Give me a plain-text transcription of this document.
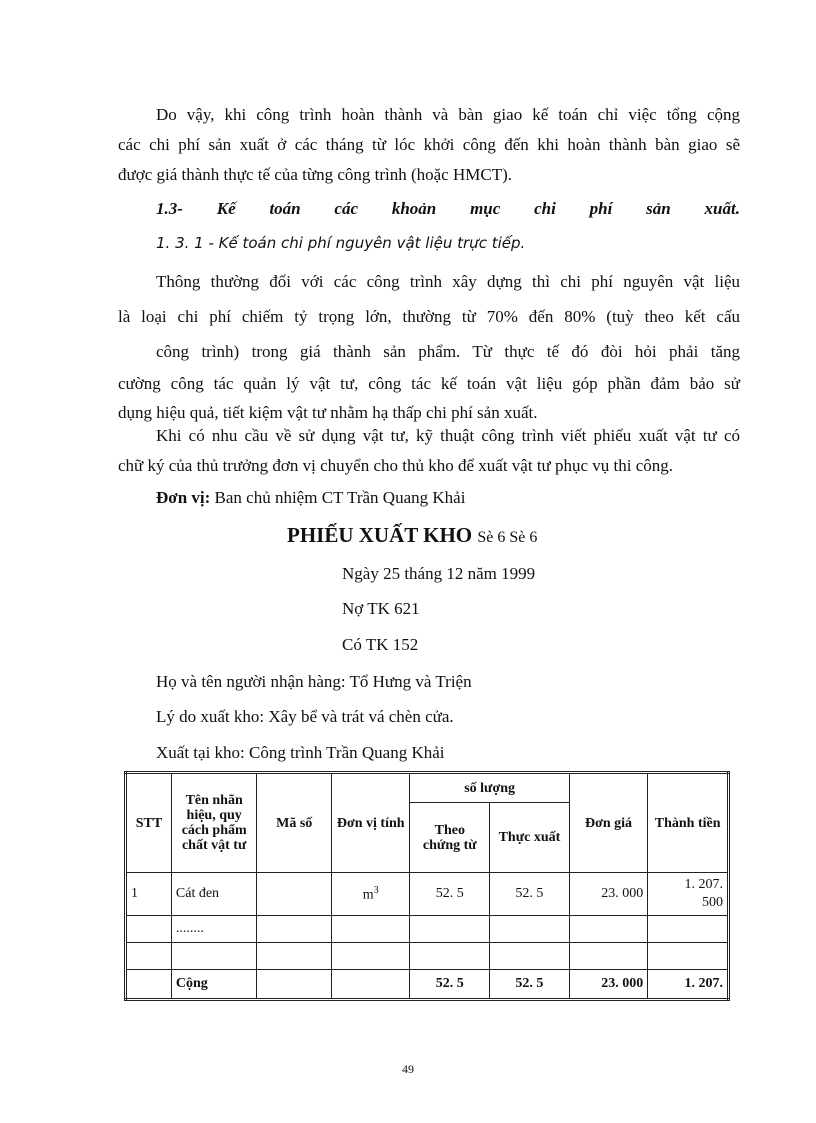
Do vậy, khi công trình hoàn thành và bàn giao kế toán chỉ việc tổng cộng
các chi phí sản xuất ở các tháng từ lóc khởi công đến khi hoàn thành bàn giao sẽ
được giá thành thực tế của từng công trình (hoặc HMCT).
1.3- Kế toán các khoản mục chi phí sản xuất.
1. 3. 1 - Kế toán chi phí nguyên vật liệu trực tiếp.
Thông thường đối với các công trình xây dựng thì chi phí nguyên vật liệu
là loại chi phí chiếm tỷ trọng lớn, thường từ 70% đến 80% (tuỳ theo kết cấu
công trình) trong giá thành sản phẩm. Từ thực tế đó đòi hỏi phải tăng
cường công tác quản lý vật tư, công tác kế toán vật liệu góp phần đảm bảo sử
dụng hiệu quả, tiết kiệm vật tư nhằm hạ thấp chi phí sản xuất.
Khi có nhu cầu về sử dụng vật tư, kỹ thuật công trình viết phiếu xuất vật tư có
chữ ký của thủ trưởng đơn vị chuyển cho thủ kho để xuất vật tư phục vụ thi công.
Đơn vị: Ban chủ nhiệm CT Trần Quang Khải
PHIẾU XUẤT KHO Sè 6 Sè 6
Ngày 25 tháng 12 năm 1999
Nợ TK 621
Có TK 152
Họ và tên người nhận hàng: Tổ Hưng và Triện
Lý do xuất kho: Xây bể và trát vá chèn cửa.
Xuất tại kho: Công trình Trần Quang Khải
STT	Tên nhãn hiệu, quy cách phẩm chất vật tư	Mã số	Đơn vị tính	số lượng		Đơn giá	Thành tiền
				Theo chứng từ	Thực xuất		
1	Cát đen		$m^3$	52. 5	52. 5	23. 000	1. 207.
500
	........						

	Cộng			52. 5	52. 5	23. 000	1. 207.
49
